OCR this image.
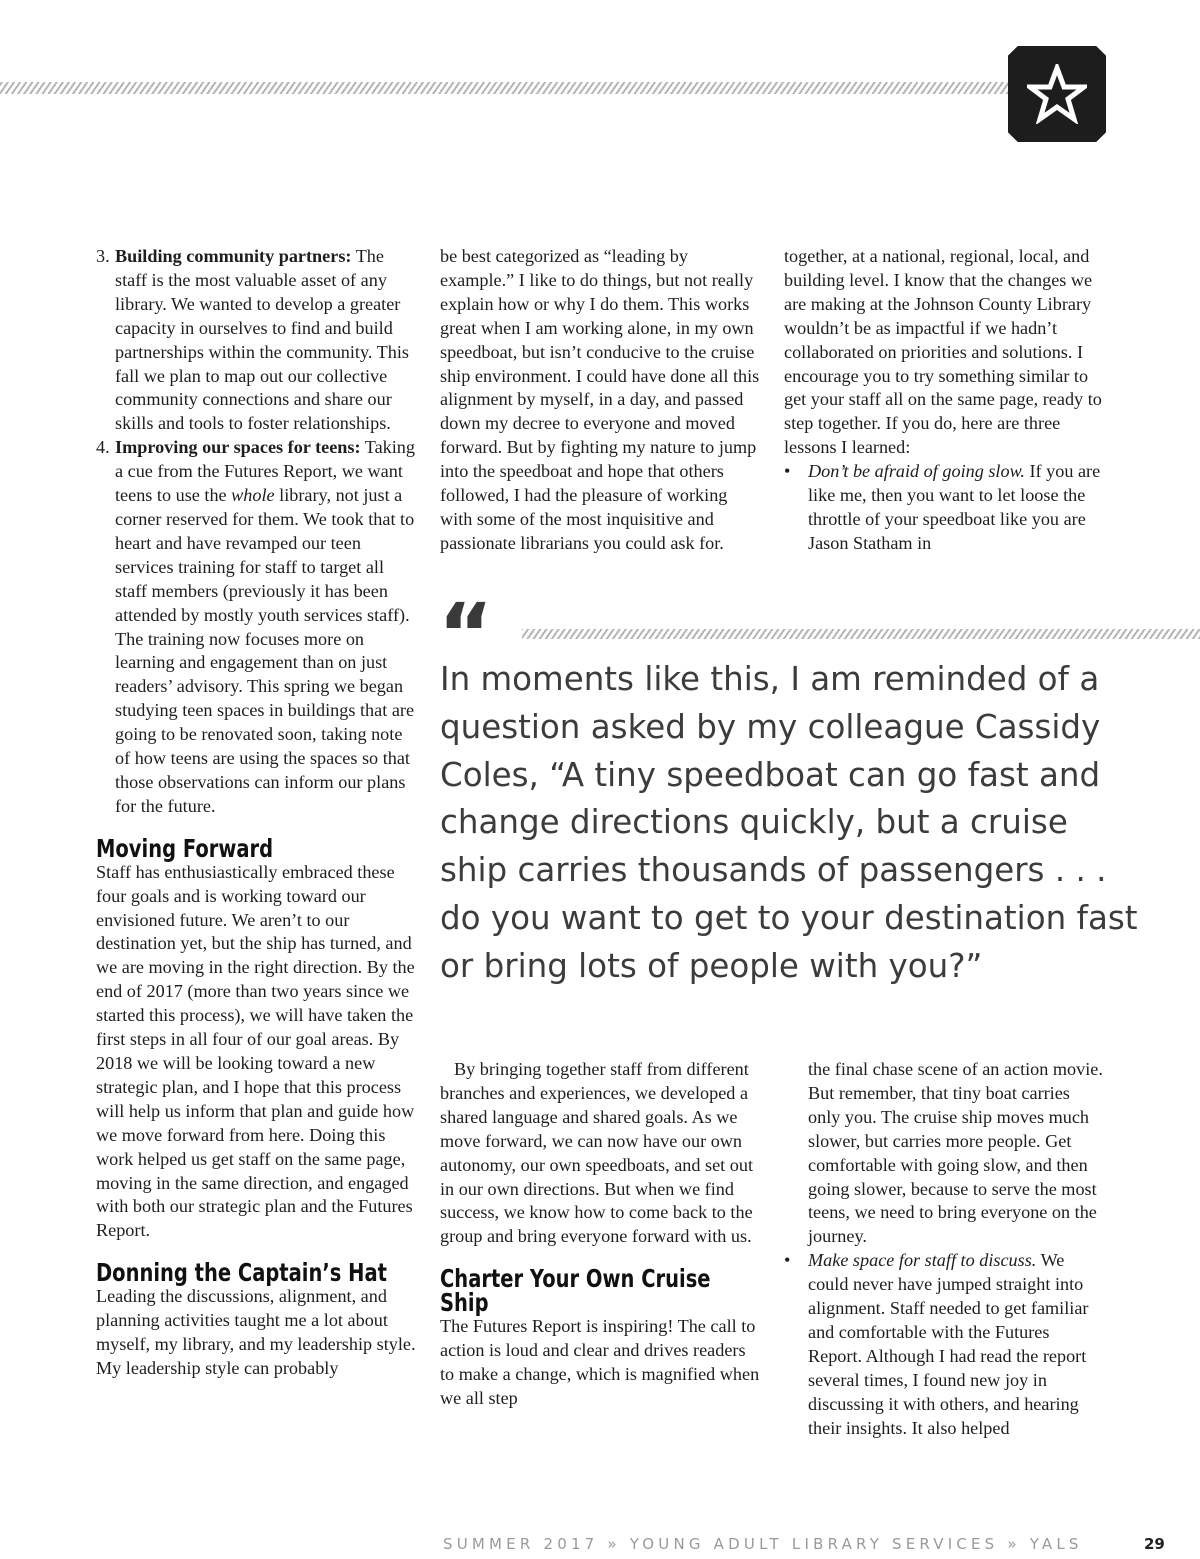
3. Building community partners: The staff is the most valuable asset of any library. We wanted to develop a greater capacity in ourselves to find and build partnerships within the community. This fall we plan to map out our collective community connections and share our skills and tools to foster relationships.
4. Improving our spaces for teens: Taking a cue from the Futures Report, we want teens to use the whole library, not just a corner reserved for them. We took that to heart and have revamped our teen services training for staff to target all staff members (previously it has been attended by mostly youth services staff). The training now focuses more on learning and engagement than on just readers’ advisory. This spring we began studying teen spaces in buildings that are going to be renovated soon, taking note of how teens are using the spaces so that those observations can inform our plans for the future.
Moving Forward

Staff has enthusiastically embraced these four goals and is working toward our envisioned future. We aren’t to our destination yet, but the ship has turned, and we are moving in the right direction. By the end of 2017 (more than two years since we started this process), we will have taken the first steps in all four of our goal areas. By 2018 we will be looking toward a new strategic plan, and I hope that this process will help us inform that plan and guide how we move forward from here. Doing this work helped us get staff on the same page, moving in the same direction, and engaged with both our strategic plan and the Futures Report.

Donning the Captain’s Hat

Leading the discussions, alignment, and planning activities taught me a lot about myself, my library, and my leadership style. My leadership style can probably

be best categorized as “leading by example.” I like to do things, but not really explain how or why I do them. This works great when I am working alone, in my own speedboat, but isn’t conducive to the cruise ship environment. I could have done all this alignment by myself, in a day, and passed down my decree to everyone and moved forward. But by fighting my nature to jump into the speedboat and hope that others followed, I had the pleasure of working with some of the most inquisitive and passionate librarians you could ask for.

together, at a national, regional, local, and building level. I know that the changes we are making at the Johnson County Library wouldn’t be as impactful if we hadn’t collaborated on priorities and solutions. I encourage you to try something similar to get your staff all on the same page, ready to step together. If you do, here are three lessons I learned:

• Don’t be afraid of going slow. If you are like me, then you want to let loose the throttle of your speedboat like you are Jason Statham in
“
In moments like this, I am reminded of a question asked by my colleague Cassidy Coles, “A tiny speedboat can go fast and change directions quickly, but a cruise ship carries thousands of passengers . . . do you want to get to your destination fast or bring lots of people with you?”

By bringing together staff from different branches and experiences, we developed a shared language and shared goals. As we move forward, we can now have our own autonomy, our own speedboats, and set out in our own directions. But when we find success, we know how to come back to the group and bring everyone forward with us.

Charter Your Own Cruise
Ship

The Futures Report is inspiring! The call to action is loud and clear and drives readers to make a change, which is magnified when we all step

the final chase scene of an action movie. But remember, that tiny boat carries only you. The cruise ship moves much slower, but carries more people. Get comfortable with going slow, and then going slower, because to serve the most teens, we need to bring everyone on the journey.
• Make space for staff to discuss. We could never have jumped straight into alignment. Staff needed to get familiar and comfortable with the Futures Report. Although I had read the report several times, I found new joy in discussing it with others, and hearing their insights. It also helped
SUMMER 2017 » YOUNG ADULT LIBRARY SERVICES » YALS	29
